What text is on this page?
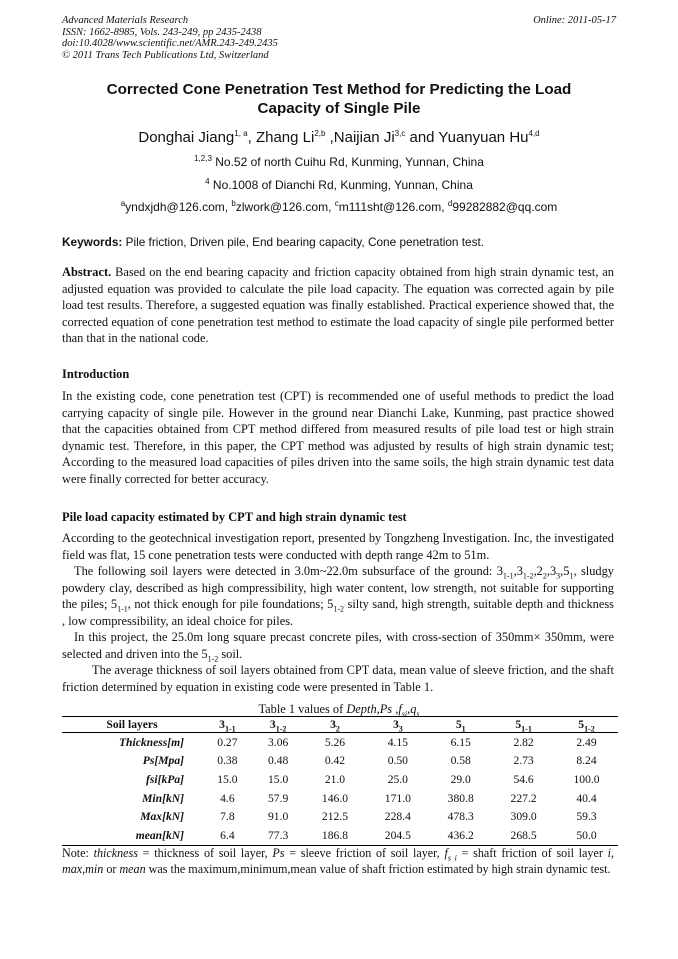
Advanced Materials Research
ISSN: 1662-8985, Vols. 243-249, pp 2435-2438
doi:10.4028/www.scientific.net/AMR.243-249.2435
© 2011 Trans Tech Publications Ltd, Switzerland
Online: 2011-05-17
Corrected Cone Penetration Test Method for Predicting the Load
Capacity of Single Pile
Donghai Jiang$^{1, a}$, Zhang Li$^{2,b}$ ,Naijian Ji$^{3,c}$ and Yuanyuan Hu$^{4,d}$
$^{1,2,3}$ No.52 of north Cuihu Rd, Kunming, Yunnan, China
$^4$ No.1008 of Dianchi Rd, Kunming, Yunnan, China
$^a$yndxjdh@126.com, $^b$zlwork@126.com, $^c$m111sht@126.com, $^d$99282882@qq.com
Keywords: Pile friction, Driven pile, End bearing capacity, Cone penetration test.
Abstract. Based on the end bearing capacity and friction capacity obtained from high strain dynamic test, an adjusted equation was provided to calculate the pile load capacity. The equation was corrected again by pile load test results. Therefore, a suggested equation was finally established. Practical experience showed that, the corrected equation of cone penetration test method to estimate the load capacity of single pile performed better than that in the national code.
Introduction
In the existing code, cone penetration test (CPT) is recommended one of useful methods to predict the load carrying capacity of single pile. However in the ground near Dianchi Lake, Kunming, past practice showed that the capacities obtained from CPT method differed from measured results of pile load test or high strain dynamic test. Therefore, in this paper, the CPT method was adjusted by results of high strain dynamic test; According to the measured load capacities of piles driven into the same soils, the high strain dynamic test data were finally corrected for better accuracy.
Pile load capacity estimated by CPT and high strain dynamic test
According to the geotechnical investigation report, presented by Tongzheng Investigation. Inc, the investigated field was flat, 15 cone penetration tests were conducted with depth range 42m to 51m.
The following soil layers were detected in 3.0m~22.0m subsurface of the ground: $3_{1-1},3_{1-2},2_2,3_3,5_1$, sludgy powdery clay, described as high compressibility, high water content, low strength, not suitable for supporting the piles; $5_{1-1}$, not thick enough for pile foundations; $5_{1-2}$ silty sand, high strength, suitable depth and thickness , low compressibility, an ideal choice for piles.
In this project, the 25.0m long square precast concrete piles, with cross-section of 350mm× 350mm, were selected and driven into the $5_{1-2}$ soil.
The average thickness of soil layers obtained from CPT data, mean value of sleeve friction, and the shaft friction determined by equation in existing code were presented in Table 1.
Table 1 values of Depth,Ps $,f_{si},q_s$
Soil layers	$3_{1-1}$	$3_{1-2}$	$3_2$	$3_3$	$5_1$	$5_{1-1}$	$5_{1-2}$
Thickness[m]	0.27	3.06	5.26	4.15	6.15	2.82	2.49
Ps[Mpa]	0.38	0.48	0.42	0.50	0.58	2.73	8.24
fsi[kPa]	15.0	15.0	21.0	25.0	29.0	54.6	100.0
Min[kN]	4.6	57.9	146.0	171.0	380.8	227.2	40.4
Max[kN]	7.8	91.0	212.5	228.4	478.3	309.0	59.3
mean[kN]	6.4	77.3	186.8	204.5	436.2	268.5	50.0
Note: thickness = thickness of soil layer, Ps = sleeve friction of soil layer, $f_{s i}$ = shaft friction of soil layer i, max,min or mean was the maximum,minimum,mean value of shaft friction estimated by high strain dynamic test.
